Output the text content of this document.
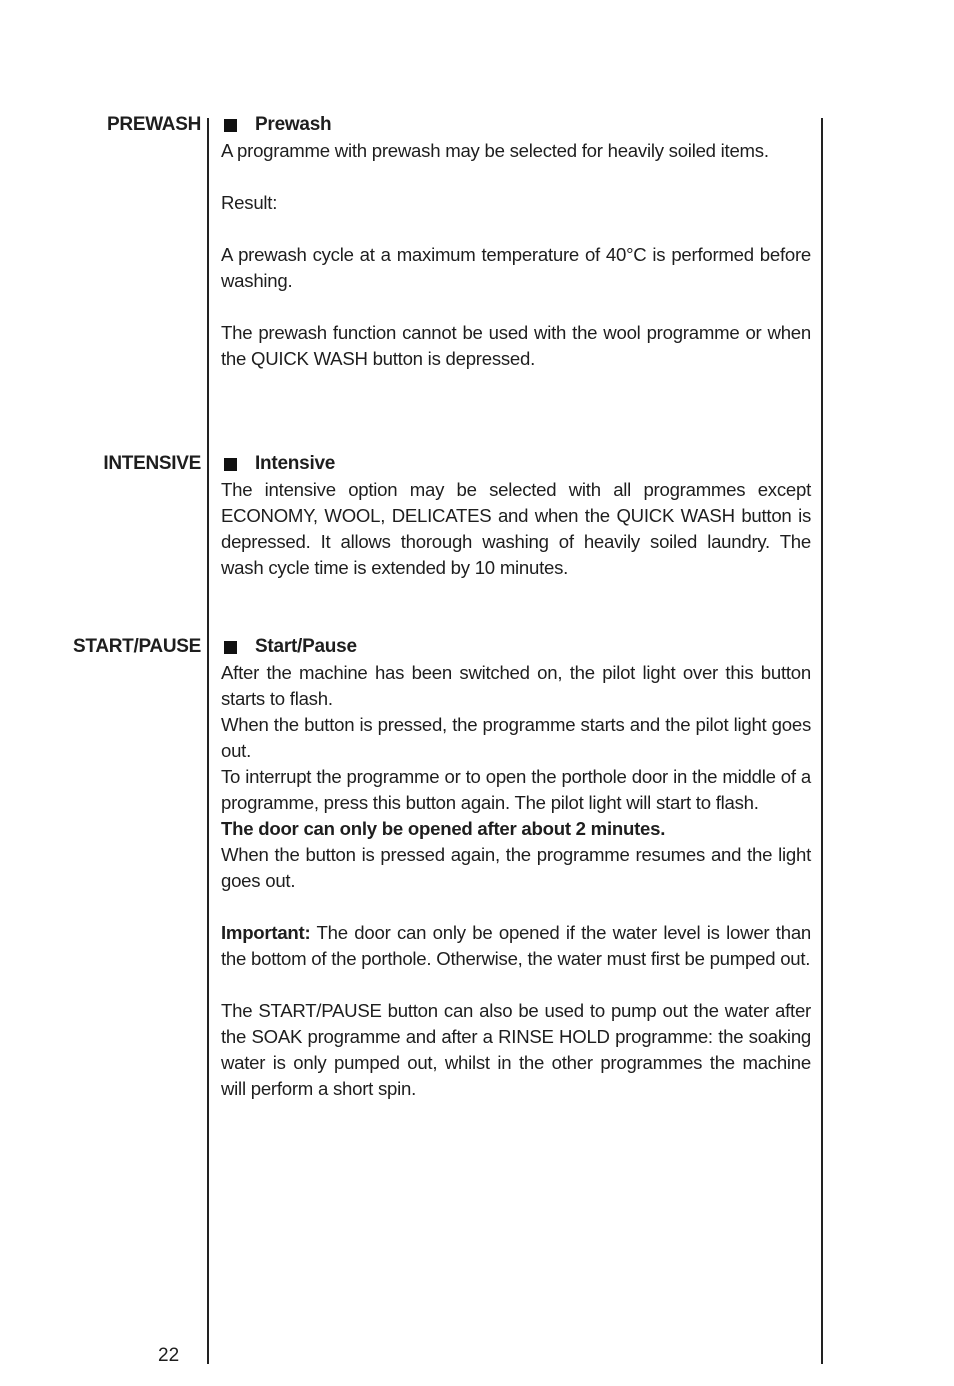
PREWASH	Prewash

A programme with prewash may be selected for heavily soiled items.

Result:

A prewash cycle at a maximum temperature of 40°C is performed before washing.

The prewash function cannot be used with the wool programme or when the QUICK WASH button is depressed.

INTENSIVE	Intensive

The intensive option may be selected with all programmes except ECONOMY, WOOL, DELICATES and when the QUICK WASH button is depressed. It allows thorough washing of heavily soiled laundry. The wash cycle time is extended by 10 minutes.

START/PAUSE	Start/Pause

After the machine has been switched on, the pilot light over this button starts to flash.

When the button is pressed, the programme starts and the pilot light goes out.

To interrupt the programme or to open the porthole door in the middle of a programme, press this button again. The pilot light will start to flash.

The door can only be opened after about 2 minutes.

When the button is pressed again, the programme resumes and the light goes out.

Important: The door can only be opened if the water level is lower than the bottom of the porthole. Otherwise, the water must first be pumped out.

The START/PAUSE button can also be used to pump out the water after the SOAK programme and after a RINSE HOLD programme: the soaking water is only pumped out, whilst in the other programmes the machine will perform a short spin.

22
